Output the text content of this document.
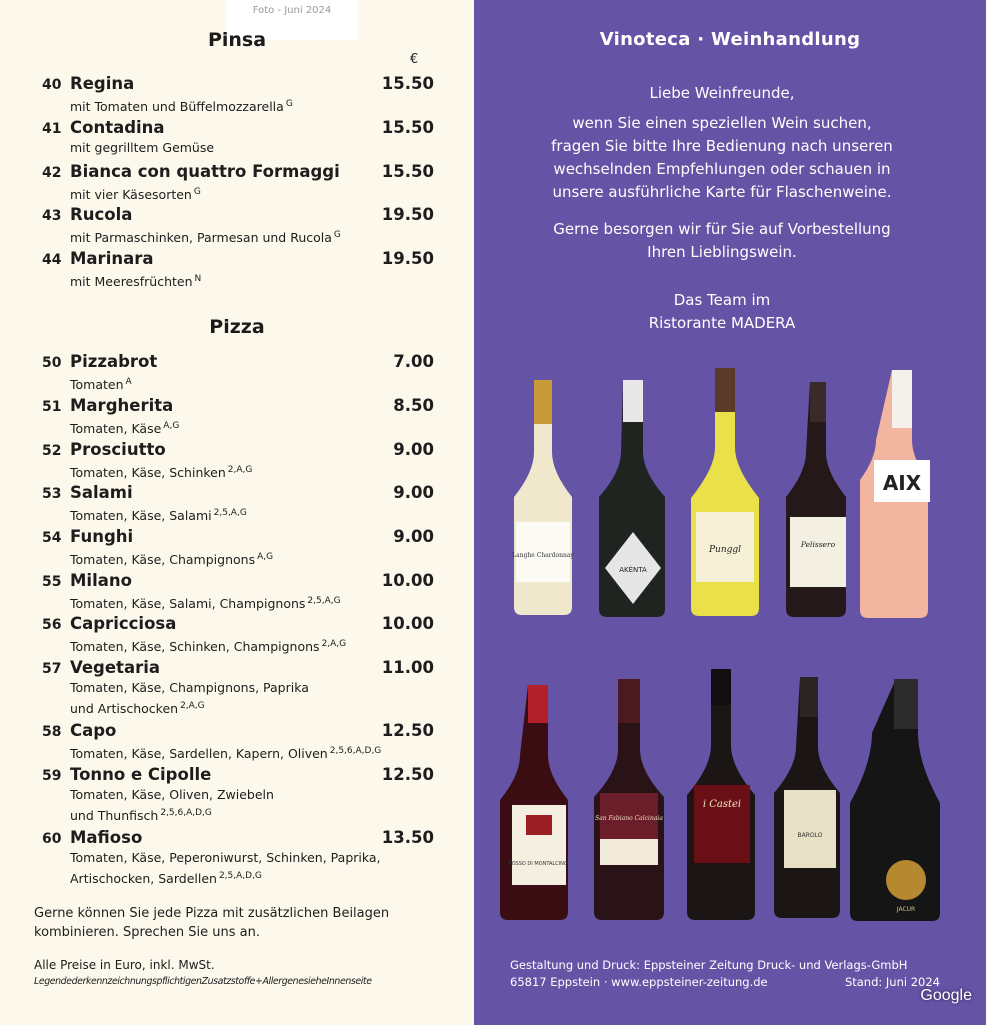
Foto - Juni 2024
Pinsa
€
40 Regina	15.50
mit Tomaten und Büffelmozzarella $^G$
41 Contadina	15.50
mit gegrilltem Gemüse
42 Bianca con quattro Formaggi	15.50
mit vier Käsesorten $^G$
43 Rucola	19.50
mit Parmaschinken, Parmesan und Rucola $^G$
44 Marinara	19.50
mit Meeresfrüchten $^N$
Pizza
50 Pizzabrot	7.00
Tomaten $^A$
51 Margherita	8.50
Tomaten, Käse $^{A,G}$
52 Prosciutto	9.00
Tomaten, Käse, Schinken $^{2,A,G}$
53 Salami	9.00
Tomaten, Käse, Salami $^{2,5,A,G}$
54 Funghi	9.00
Tomaten, Käse, Champignons $^{A,G}$
55 Milano	10.00
Tomaten, Käse, Salami, Champignons $^{2,5,A,G}$
56 Capricciosa	10.00
Tomaten, Käse, Schinken, Champignons $^{2,A,G}$
57 Vegetaria	11.00
Tomaten, Käse, Champignons, Paprika
und Artischocken $^{2,A,G}$
58 Capo	12.50
Tomaten, Käse, Sardellen, Kapern, Oliven $^{2,5,6,A,D,G}$
59 Tonno e Cipolle	12.50
Tomaten, Käse, Oliven, Zwiebeln
und Thunfisch $^{2,5,6,A,D,G}$
60 Mafioso	13.50
Tomaten, Käse, Peperoniwurst, Schinken, Paprika,
Artischocken, Sardellen $^{2,5,A,D,G}$
Gerne können Sie jede Pizza mit zusätzlichen Beilagen
kombinieren. Sprechen Sie uns an.
Alle Preise in Euro, inkl. MwSt.
LegendederkennzeichnungspflichtigenZusatzstoffe+AllergenesieheInnenseite
Vinoteca · Weinhandlung
Liebe Weinfreunde,
wenn Sie einen speziellen Wein suchen,
fragen Sie bitte Ihre Bedienung nach unseren
wechselnden Empfehlungen oder schauen in
unsere ausführliche Karte für Flaschenweine.
Gerne besorgen wir für Sie auf Vorbestellung
Ihren Lieblingswein.
Das Team im
Ristorante MADERA
Langhe Chardonnay
AKÈNTA
Punggl
Pelissero
AIX
ROSSO DI MONTALCINO
San Fabiano Calcinaia
i Castei
BAROLO
JACUR
Gestaltung und Druck: Eppsteiner Zeitung Druck- und Verlags-GmbH
65817 Eppstein · www.eppsteiner-zeitung.de	Stand: Juni 2024
Google
